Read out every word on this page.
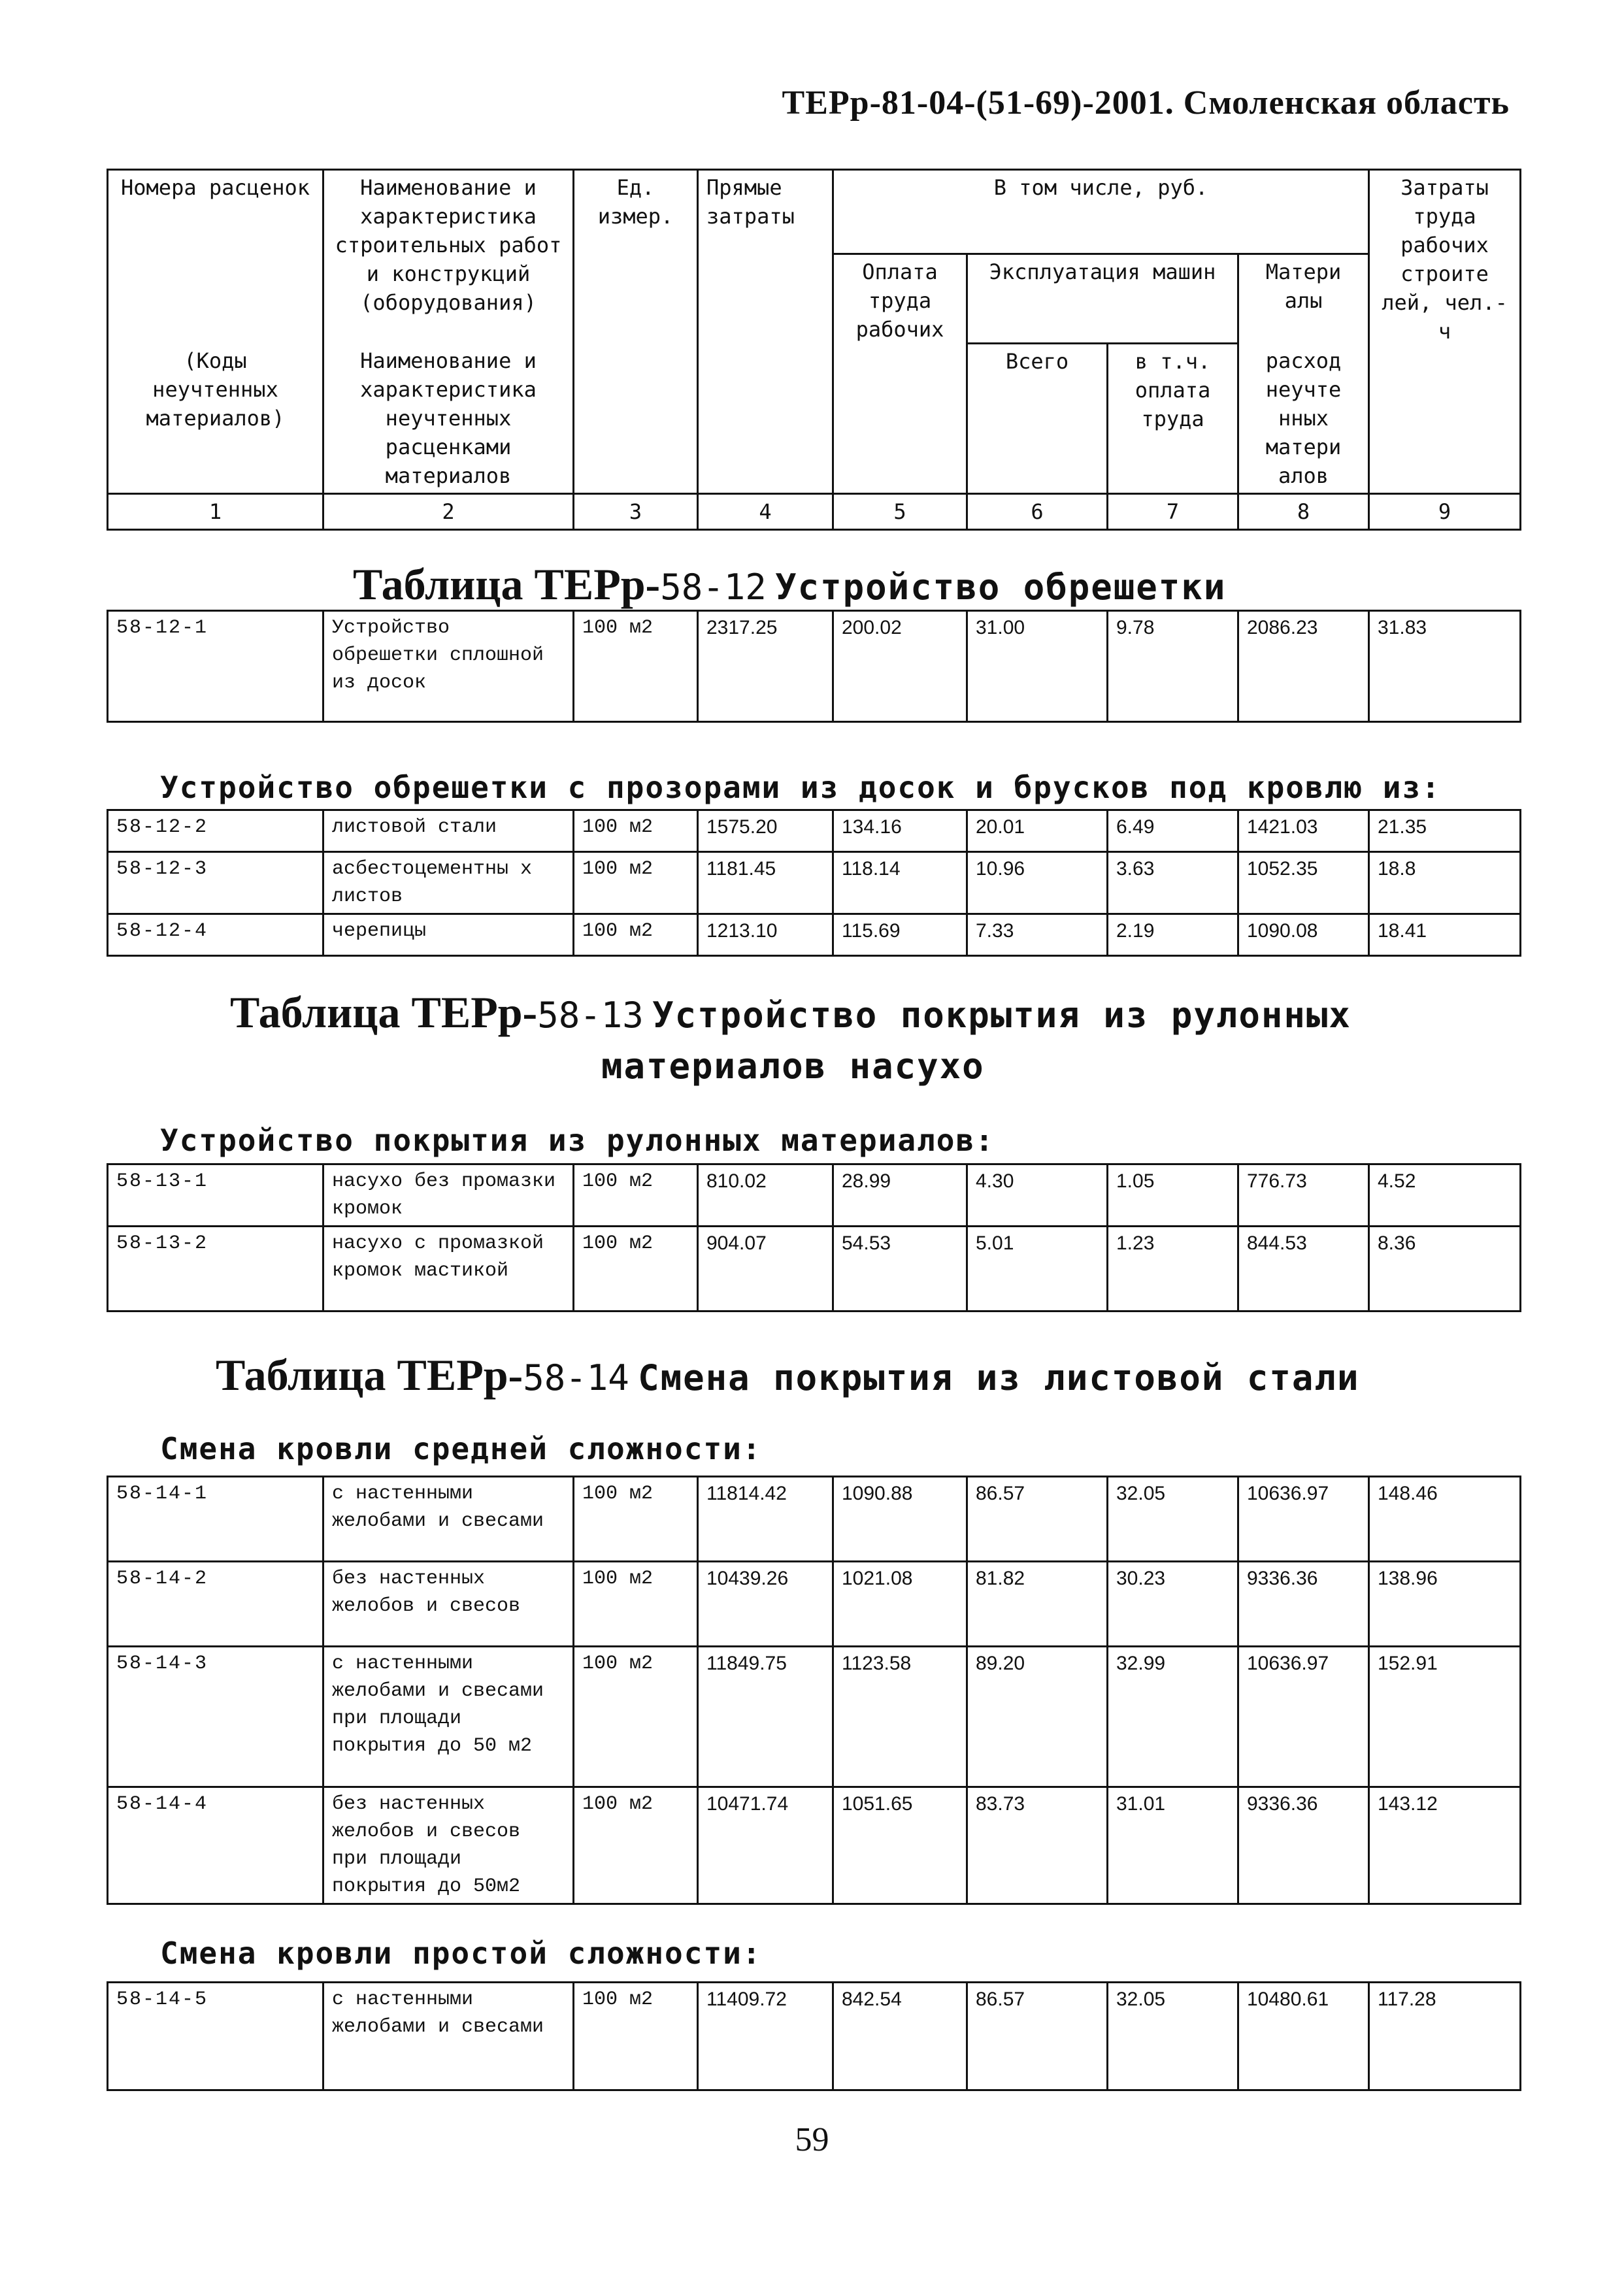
ТЕРр-81-04-(51-69)-2001. Смоленская область
Номера расценок	Наименование и характеристика строительных работ и конструкций (оборудования)	Ед. измер.	Прямые затраты	В том числе, руб.				Затраты труда рабочих строите лей, чел.-ч
				Оплата труда рабочих	Эксплуатация машин		Матери алы	
(Коды неучтенных материалов)	Наименование и характеристика неучтенных расценками материалов				Всего	в т.ч. оплата труда	расход неучте нных матери алов	
1	2	3	4	5	6	7	8	9
Таблица ТЕРр-58-12 Устройство обрешетки
58-12-1	Устройство обрешетки сплошной из досок	100 м2	2317.25	200.02	31.00	9.78	2086.23	31.83
Устройство обрешетки с прозорами из досок и брусков под кровлю из:
58-12-2	листовой стали	100 м2	1575.20	134.16	20.01	6.49	1421.03	21.35
58-12-3	асбестоцементны х листов	100 м2	1181.45	118.14	10.96	3.63	1052.35	18.8
58-12-4	черепицы	100 м2	1213.10	115.69	7.33	2.19	1090.08	18.41
Таблица ТЕРр-58-13 Устройство покрытия из рулонных
материалов насухо
Устройство покрытия из рулонных материалов:
58-13-1	насухо без промазки кромок	100 м2	810.02	28.99	4.30	1.05	776.73	4.52
58-13-2	насухо с промазкой кромок мастикой	100 м2	904.07	54.53	5.01	1.23	844.53	8.36
Таблица ТЕРр-58-14 Смена покрытия из листовой стали
Смена кровли средней сложности:
58-14-1	с настенными желобами и свесами	100 м2	11814.42	1090.88	86.57	32.05	10636.97	148.46
58-14-2	без настенных желобов и свесов	100 м2	10439.26	1021.08	81.82	30.23	9336.36	138.96
58-14-3	с настенными желобами и свесами при площади покрытия до 50 м2	100 м2	11849.75	1123.58	89.20	32.99	10636.97	152.91
58-14-4	без настенных желобов и свесов при площади покрытия до 50м2	100 м2	10471.74	1051.65	83.73	31.01	9336.36	143.12
Смена кровли простой сложности:
58-14-5	с настенными желобами и свесами	100 м2	11409.72	842.54	86.57	32.05	10480.61	117.28
59
